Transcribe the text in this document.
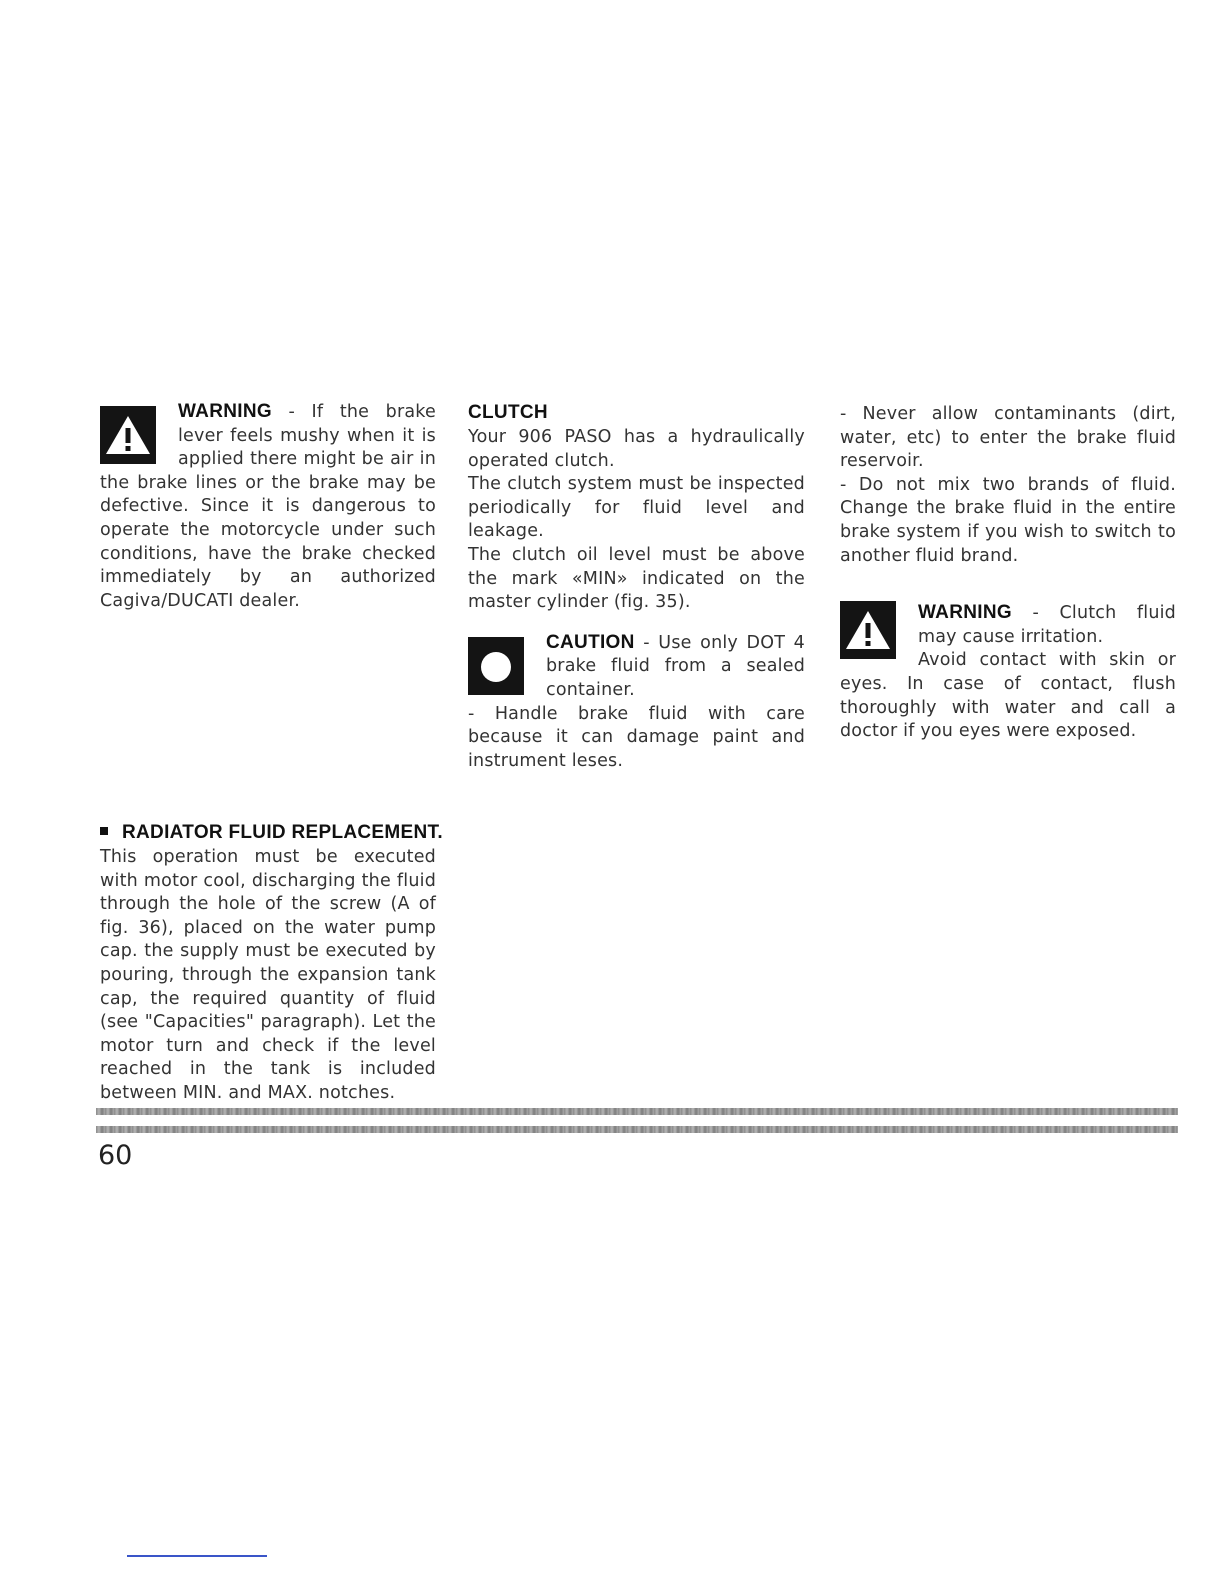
WARNING - If the brake lever feels mushy when it is applied there might be air in the brake lines or the brake may be defective. Since it is dangerous to operate the motorcycle under such conditions, have the brake checked immediately by an authorized Cagiva/DUCATI dealer.

CLUTCH

Your 906 PASO has a hydraulically operated clutch.

The clutch system must be inspected periodically for fluid level and leakage.

The clutch oil level must be above the mark «MIN» indicated on the master cylinder (fig. 35).

CAUTION - Use only DOT 4 brake fluid from a sealed container.

- Handle brake fluid with care because it can damage paint and instrument leses.

- Never allow contaminants (dirt, water, etc) to enter the brake fluid reservoir.

- Do not mix two brands of fluid. Change the brake fluid in the entire brake system if you wish to switch to another fluid brand.

WARNING - Clutch fluid may cause irritation.

Avoid contact with skin or eyes. In case of contact, flush thoroughly with water and call a doctor if you eyes were exposed.

RADIATOR FLUID REPLACEMENT.

This operation must be executed with motor cool, discharging the fluid through the hole of the screw (A of fig. 36), placed on the water pump cap. the supply must be executed by pouring, through the expansion tank cap, the required quantity of fluid (see "Capacities" paragraph). Let the motor turn and check if the level reached in the tank is included between MIN. and MAX. notches.

60
